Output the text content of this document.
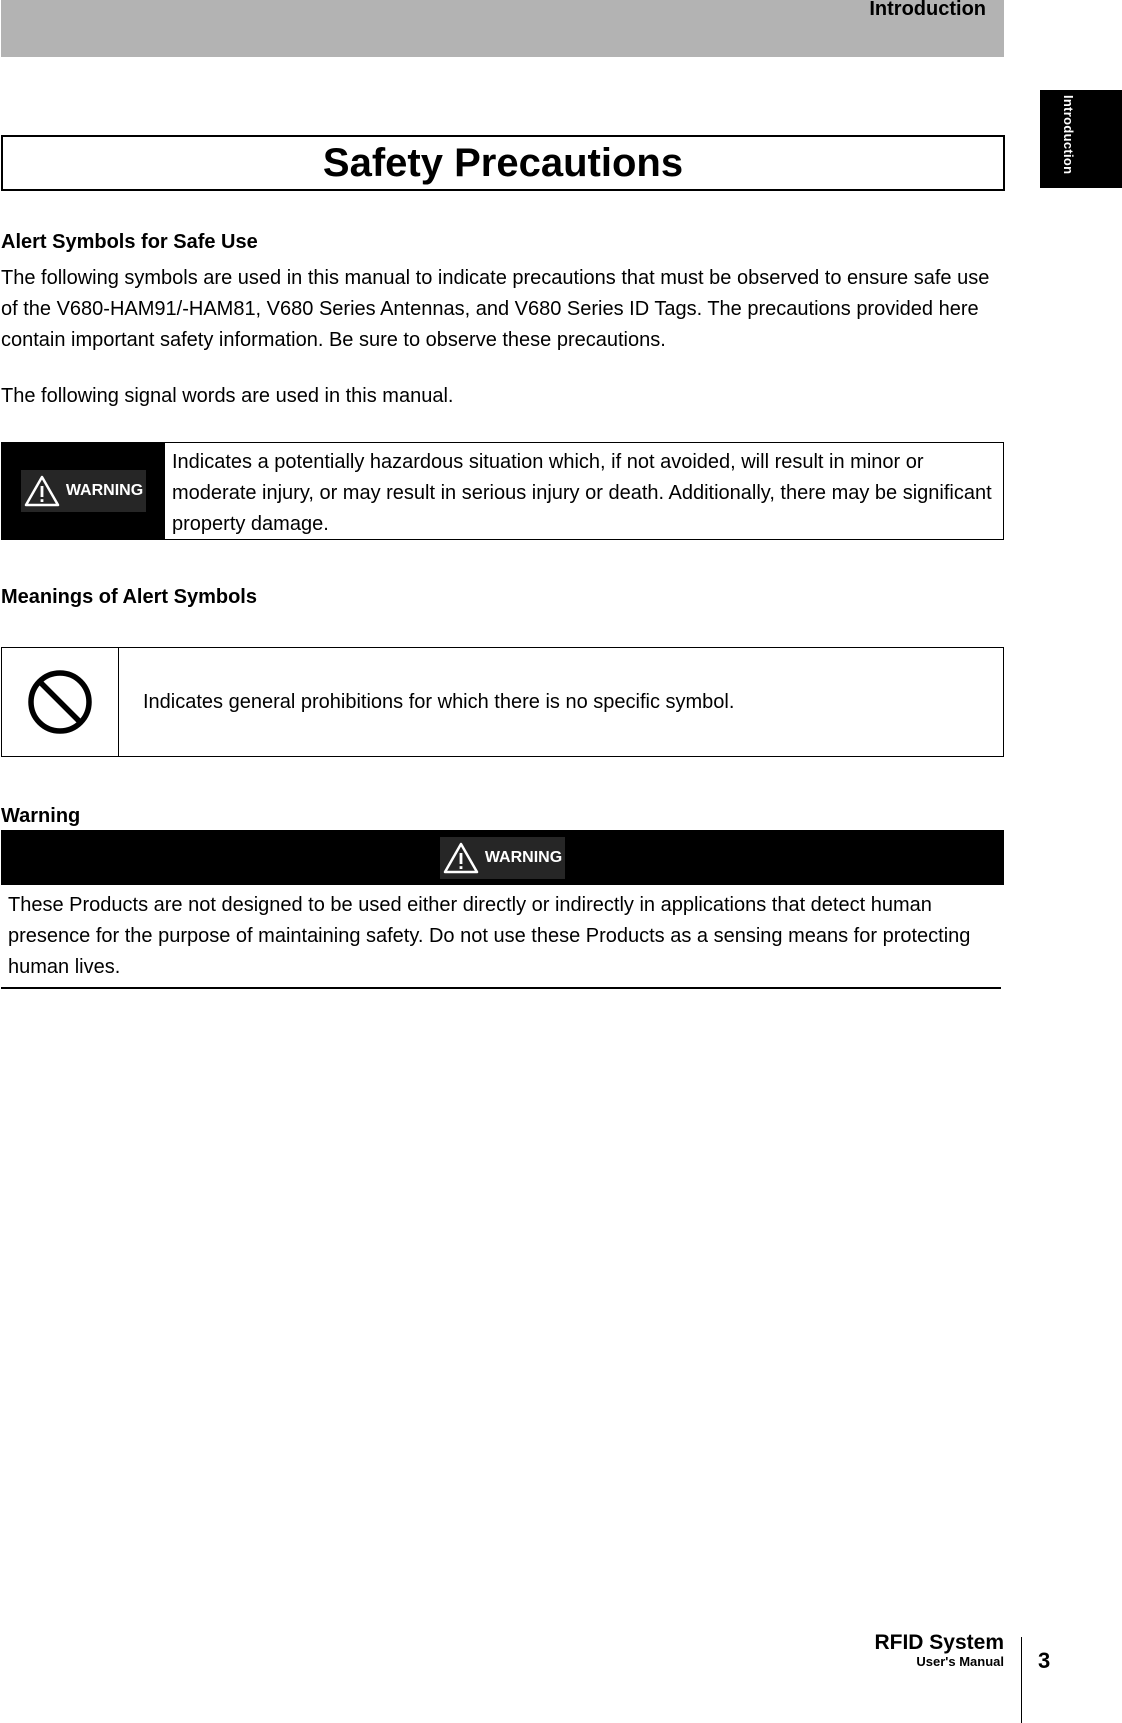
Introduction
Introduction
Safety Precautions
Alert Symbols for Safe Use
The following symbols are used in this manual to indicate precautions that must be observed to ensure safe use of the V680-HAM91/-HAM81, V680 Series Antennas, and V680 Series ID Tags. The precautions provided here contain important safety information. Be sure to observe these precautions.
The following signal words are used in this manual.
WARNING
Indicates a potentially hazardous situation which, if not avoided, will result in minor or moderate injury, or may result in serious injury or death. Additionally, there may be significant property damage.
Meanings of Alert Symbols
Indicates general prohibitions for which there is no specific symbol.
Warning
WARNING
These Products are not designed to be used either directly or indirectly in applications that detect human presence for the purpose of maintaining safety. Do not use these Products as a sensing means for protecting human lives.
RFID System
User's Manual 3
